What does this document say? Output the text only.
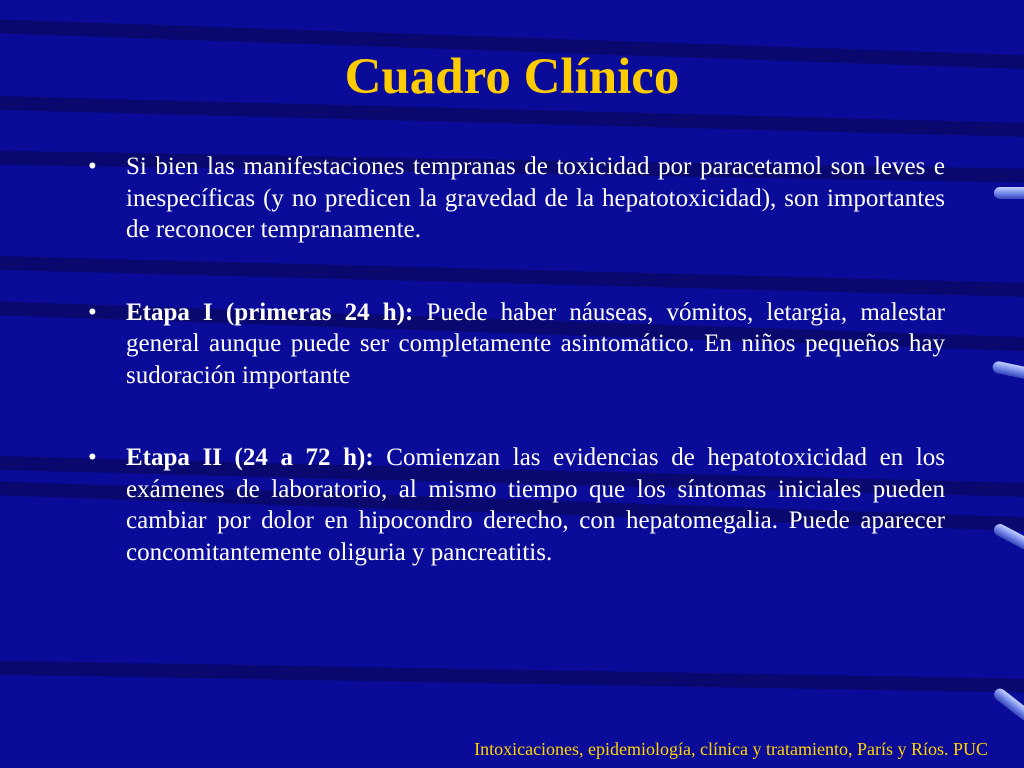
Cuadro Clínico
• Si bien las manifestaciones tempranas de toxicidad por paracetamol son leves e inespecíficas (y no predicen la gravedad de la hepatotoxicidad), son importantes de reconocer tempranamente.
• Etapa I (primeras 24 h): Puede haber náuseas, vómitos, letargia, malestar general aunque puede ser completamente asintomático. En niños pequeños hay sudoración importante
• Etapa II (24 a 72 h): Comienzan las evidencias de hepatotoxicidad en los exámenes de laboratorio, al mismo tiempo que los síntomas iniciales pueden cambiar por dolor en hipocondro derecho, con hepatomegalia. Puede aparecer concomitantemente oliguria y pancreatitis.
Intoxicaciones, epidemiología, clínica y tratamiento, París y Ríos. PUC
